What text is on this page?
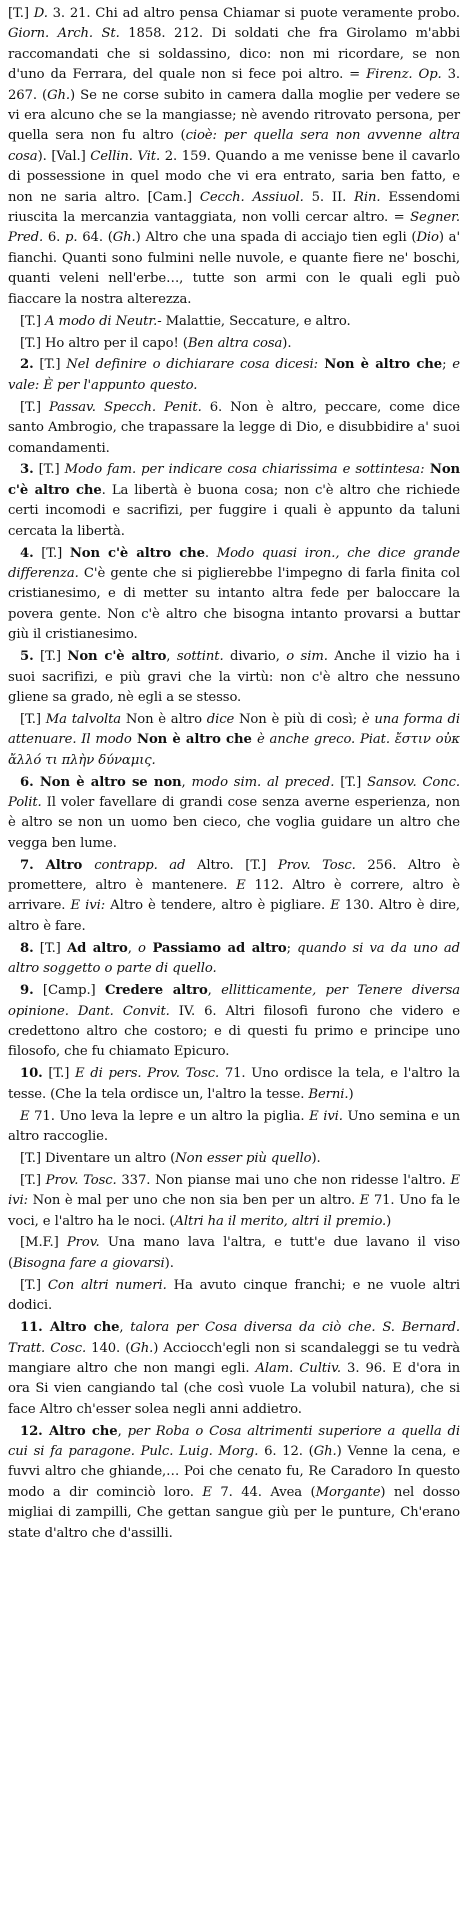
[T.] D. 3. 21. Chi ad altro pensa Chiamar si puote veramente probo. Giorn. Arch. St. 1858. 212. Di soldati che fra Girolamo m'abbi raccomandati che si soldassino, dico: non mi ricordare, se non d'uno da Ferrara, del quale non si fece poi altro. = Firenz. Op. 3. 267. (Gh.) Se ne corse subito in camera dalla moglie per vedere se vi era alcuno che se la mangiasse; nè avendo ritrovato persona, per quella sera non fu altro (cioè: per quella sera non avvenne altra cosa). [Val.] Cellin. Vit. 2. 159. Quando a me venisse bene il cavarlo di possessione in quel modo che vi era entrato, saria ben fatto, e non ne saria altro. [Cam.] Cecch. Assiuol. 5. II. Rin. Essendomi riuscita la mercanzia vantaggiata, non volli cercar altro. = Segner. Pred. 6. p. 64. (Gh.) Altro che una spada di acciajo tien egli (Dio) a' fianchi. Quanti sono fulmini nelle nuvole, e quante fiere ne' boschi, quanti veleni nell'erbe…, tutte son armi con le quali egli può fiaccare la nostra alterezza.

[T.] A modo di Neutr.- Malattie, Seccature, e altro.

[T.] Ho altro per il capo! (Ben altra cosa).

2. [T.] Nel definire o dichiarare cosa dicesi: Non è altro che; e vale: È per l'appunto questo.

[T.] Passav. Specch. Penit. 6. Non è altro, peccare, come dice santo Ambrogio, che trapassare la legge di Dio, e disubbidire a' suoi comandamenti.

3. [T.] Modo fam. per indicare cosa chiarissima e sottintesa: Non c'è altro che. La libertà è buona cosa; non c'è altro che richiede certi incomodi e sacrifizi, per fuggire i quali è appunto da taluni cercata la libertà.

4. [T.] Non c'è altro che. Modo quasi iron., che dice grande differenza. C'è gente che si piglierebbe l'impegno di farla finita col cristianesimo, e di metter su intanto altra fede per baloccare la povera gente. Non c'è altro che bisogna intanto provarsi a buttar giù il cristianesimo.

5. [T.] Non c'è altro, sottint. divario, o sim. Anche il vizio ha i suoi sacrifizi, e più gravi che la virtù: non c'è altro che nessuno gliene sa grado, nè egli a se stesso.

[T.] Ma talvolta Non è altro dice Non è più di così; è una forma di attenuare. Il modo Non è altro che è anche greco. Piat. ἔστιν οὐκ ἄλλό τι πλὴν δύναμις.

6. Non è altro se non, modo sim. al preced. [T.] Sansov. Conc. Polit. Il voler favellare di grandi cose senza averne esperienza, non è altro se non un uomo ben cieco, che voglia guidare un altro che vegga ben lume.

7. Altro contrapp. ad Altro. [T.] Prov. Tosc. 256. Altro è promettere, altro è mantenere. E 112. Altro è correre, altro è arrivare. E ivi: Altro è tendere, altro è pigliare. E 130. Altro è dire, altro è fare.

8. [T.] Ad altro, o Passiamo ad altro; quando si va da uno ad altro soggetto o parte di quello.

9. [Camp.] Credere altro, ellitticamente, per Tenere diversa opinione. Dant. Convit. IV. 6. Altri filosofi furono che videro e credettono altro che costoro; e di questi fu primo e principe uno filosofo, che fu chiamato Epicuro.

10. [T.] E di pers. Prov. Tosc. 71. Uno ordisce la tela, e l'altro la tesse. (Che la tela ordisce un, l'altro la tesse. Berni.)

E 71. Uno leva la lepre e un altro la piglia. E ivi. Uno semina e un altro raccoglie.

[T.] Diventare un altro (Non esser più quello).

[T.] Prov. Tosc. 337. Non pianse mai uno che non ridesse l'altro. E ivi: Non è mal per uno che non sia ben per un altro. E 71. Uno fa le voci, e l'altro ha le noci. (Altri ha il merito, altri il premio.)

[M.F.] Prov. Una mano lava l'altra, e tutt'e due lavano il viso (Bisogna fare a giovarsi).

[T.] Con altri numeri. Ha avuto cinque franchi; e ne vuole altri dodici.

11. Altro che, talora per Cosa diversa da ciò che. S. Bernard. Tratt. Cosc. 140. (Gh.) Acciocch'egli non si scandaleggi se tu vedrà mangiare altro che non mangi egli. Alam. Cultiv. 3. 96. E d'ora in ora Si vien cangiando tal (che così vuole La volubil natura), che si face Altro ch'esser solea negli anni addietro.

12. Altro che, per Roba o Cosa altrimenti superiore a quella di cui si fa paragone. Pulc. Luig. Morg. 6. 12. (Gh.) Venne la cena, e fuvvi altro che ghiande,… Poi che cenato fu, Re Caradoro In questo modo a dir cominciò loro. E 7. 44. Avea (Morgante) nel dosso migliai di zampilli, Che gettan sangue giù per le punture, Ch'erano state d'altro che d'assilli.
